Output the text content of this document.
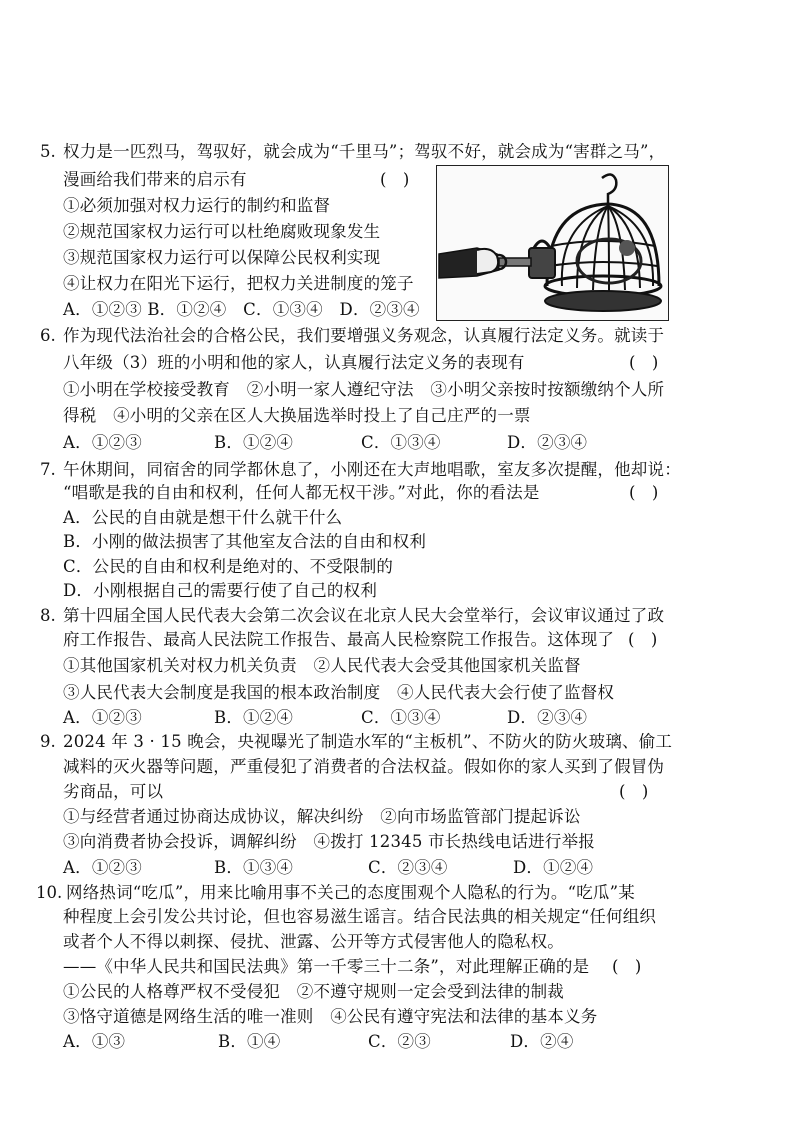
5. 权力是一匹烈马，驾驭好，就会成为“千里马”；驾驭不好，就会成为“害群之马”，
漫画给我们带来的启示有	(　)
①必须加强对权力运行的制约和监督
②规范国家权力运行可以杜绝腐败现象发生
③规范国家权力运行可以保障公民权利实现
④让权力在阳光下运行，把权力关进制度的笼子
A．①②③ B．①②④　C．①③④　D．②③④
6. 作为现代法治社会的合格公民，我们要增强义务观念，认真履行法定义务。就读于
八年级（3）班的小明和他的家人，认真履行法定义务的表现有	(　)
①小明在学校接受教育　②小明一家人遵纪守法　③小明父亲按时按额缴纳个人所
得税　④小明的父亲在区人大换届选举时投上了自己庄严的一票
A．①②③	B．①②④	C．①③④	D．②③④
7. 午休期间，同宿舍的同学都休息了，小刚还在大声地唱歌，室友多次提醒，他却说：
“唱歌是我的自由和权利，任何人都无权干涉。”对此，你的看法是	(　)
A．公民的自由就是想干什么就干什么
B．小刚的做法损害了其他室友合法的自由和权利
C．公民的自由和权利是绝对的、不受限制的
D．小刚根据自己的需要行使了自己的权利
8. 第十四届全国人民代表大会第二次会议在北京人民大会堂举行，会议审议通过了政
府工作报告、最高人民法院工作报告、最高人民检察院工作报告。这体现了 (　)
①其他国家机关对权力机关负责　②人民代表大会受其他国家机关监督
③人民代表大会制度是我国的根本政治制度　④人民代表大会行使了监督权
A．①②③	B．①②④	C．①③④	D．②③④
9. 2024 年 3 · 15 晚会，央视曝光了制造水军的“主板机”、不防火的防火玻璃、偷工
减料的灭火器等问题，严重侵犯了消费者的合法权益。假如你的家人买到了假冒伪
劣商品，可以	(　)
①与经营者通过协商达成协议，解决纠纷　②向市场监管部门提起诉讼
③向消费者协会投诉，调解纠纷　④拨打 12345 市长热线电话进行举报
A．①②③	B．①③④	C．②③④	D．①②④
10. 网络热词“吃瓜”，用来比喻用事不关己的态度围观个人隐私的行为。“吃瓜”某
种程度上会引发公共讨论，但也容易滋生谣言。结合民法典的相关规定“任何组织
或者个人不得以刺探、侵扰、泄露、公开等方式侵害他人的隐私权。
——《中华人民共和国民法典》第一千零三十二条”，对此理解正确的是 (　)
①公民的人格尊严权不受侵犯　②不遵守规则一定会受到法律的制裁
③恪守道德是网络生活的唯一准则　④公民有遵守宪法和法律的基本义务
A．①③	B．①④	C．②③	D．②④
